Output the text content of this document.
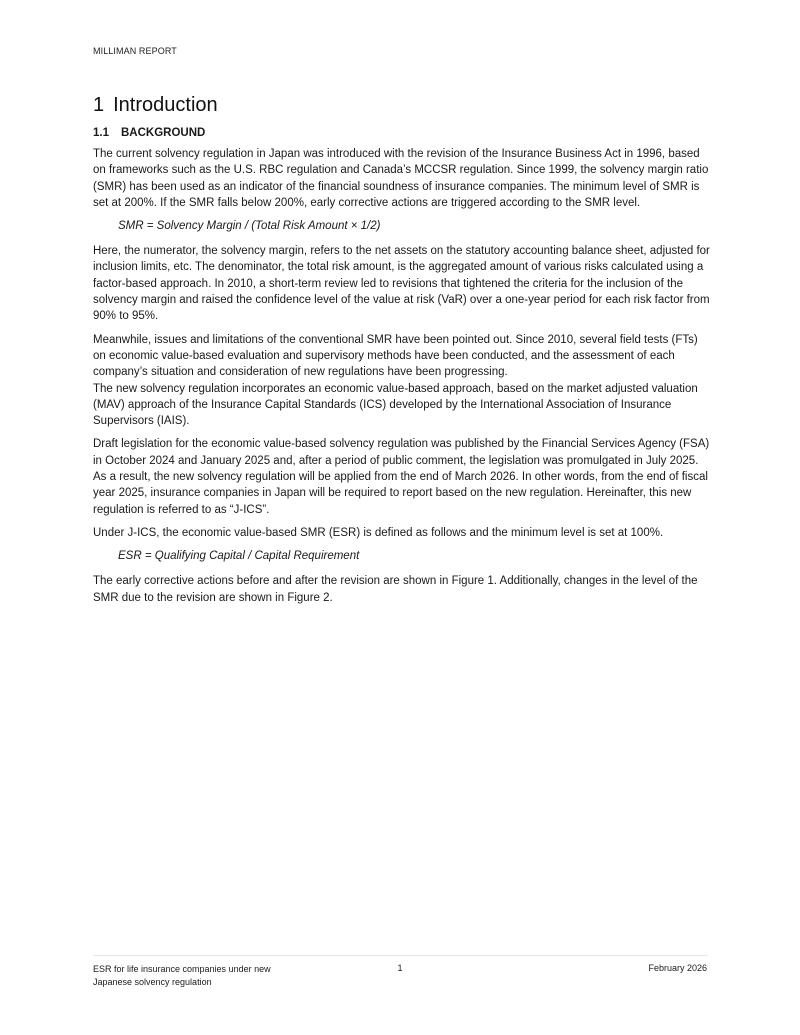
MILLIMAN REPORT
1 Introduction
1.1 BACKGROUND

The current solvency regulation in Japan was introduced with the revision of the Insurance Business Act in 1996, based on frameworks such as the U.S. RBC regulation and Canada’s MCCSR regulation. Since 1999, the solvency margin ratio (SMR) has been used as an indicator of the financial soundness of insurance companies. The minimum level of SMR is set at 200%. If the SMR falls below 200%, early corrective actions are triggered according to the SMR level.

SMR = Solvency Margin / (Total Risk Amount × 1/2)

Here, the numerator, the solvency margin, refers to the net assets on the statutory accounting balance sheet, adjusted for inclusion limits, etc. The denominator, the total risk amount, is the aggregated amount of various risks calculated using a factor-based approach. In 2010, a short-term review led to revisions that tightened the criteria for the inclusion of the solvency margin and raised the confidence level of the value at risk (VaR) over a one-year period for each risk factor from 90% to 95%.

Meanwhile, issues and limitations of the conventional SMR have been pointed out. Since 2010, several field tests (FTs) on economic value-based evaluation and supervisory methods have been conducted, and the assessment of each company’s situation and consideration of new regulations have been progressing.

The new solvency regulation incorporates an economic value-based approach, based on the market adjusted valuation (MAV) approach of the Insurance Capital Standards (ICS) developed by the International Association of Insurance Supervisors (IAIS).

Draft legislation for the economic value-based solvency regulation was published by the Financial Services Agency (FSA) in October 2024 and January 2025 and, after a period of public comment, the legislation was promulgated in July 2025. As a result, the new solvency regulation will be applied from the end of March 2026. In other words, from the end of fiscal year 2025, insurance companies in Japan will be required to report based on the new regulation. Hereinafter, this new regulation is referred to as “J-ICS”.

Under J-ICS, the economic value-based SMR (ESR) is defined as follows and the minimum level is set at 100%.

ESR = Qualifying Capital / Capital Requirement

The early corrective actions before and after the revision are shown in Figure 1. Additionally, changes in the level of the SMR due to the revision are shown in Figure 2.

ESR for life insurance companies under new
Japanese solvency regulation
1	February 2026
